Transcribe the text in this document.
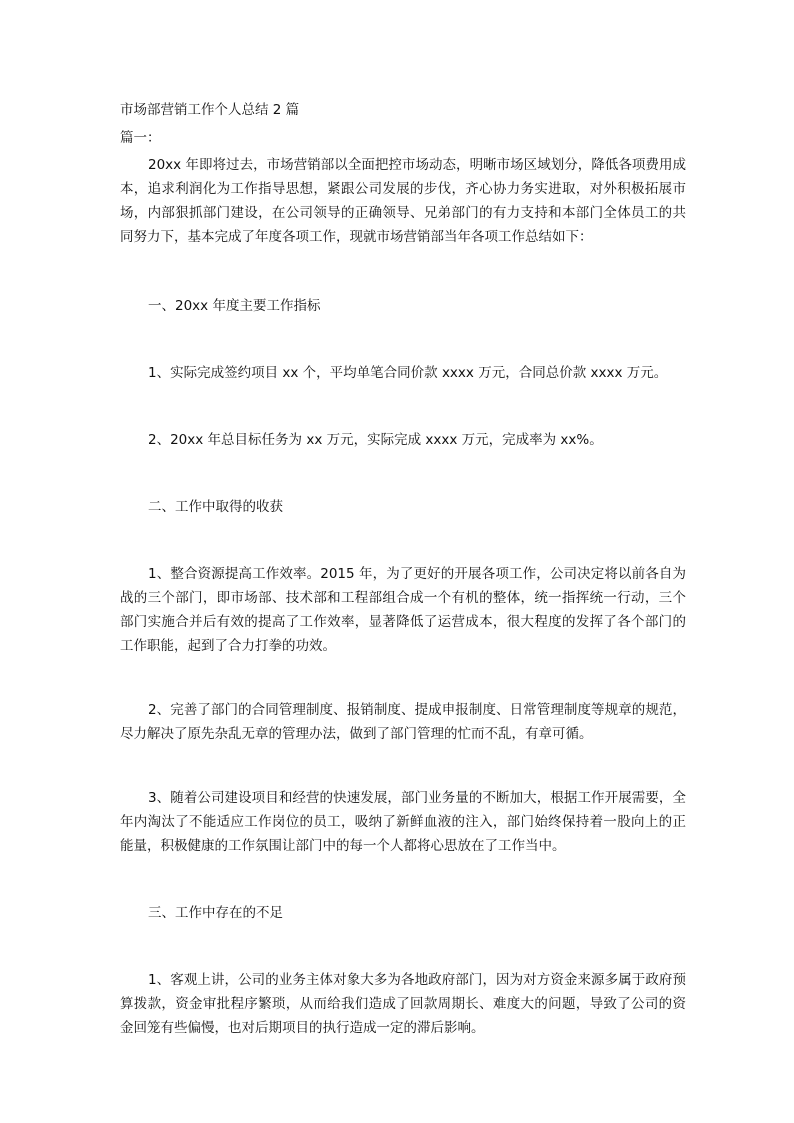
市场部营销工作个人总结 2 篇
篇一：

20xx 年即将过去，市场营销部以全面把控市场动态，明晰市场区域划分，降低各项费用成本，追求利润化为工作指导思想，紧跟公司发展的步伐，齐心协力务实进取，对外积极拓展市场，内部狠抓部门建设，在公司领导的正确领导、兄弟部门的有力支持和本部门全体员工的共同努力下，基本完成了年度各项工作，现就市场营销部当年各项工作总结如下：

一、20xx 年度主要工作指标

1、实际完成签约项目 xx 个，平均单笔合同价款 xxxx 万元，合同总价款 xxxx 万元。

2、20xx 年总目标任务为 xx 万元，实际完成 xxxx 万元，完成率为 xx%。

二、工作中取得的收获

1、整合资源提高工作效率。2015 年，为了更好的开展各项工作，公司决定将以前各自为战的三个部门，即市场部、技术部和工程部组合成一个有机的整体，统一指挥统一行动，三个部门实施合并后有效的提高了工作效率，显著降低了运营成本，很大程度的发挥了各个部门的工作职能，起到了合力打拳的功效。

2、完善了部门的合同管理制度、报销制度、提成申报制度、日常管理制度等规章的规范，尽力解决了原先杂乱无章的管理办法，做到了部门管理的忙而不乱，有章可循。

3、随着公司建设项目和经营的快速发展，部门业务量的不断加大，根据工作开展需要，全年内淘汰了不能适应工作岗位的员工，吸纳了新鲜血液的注入，部门始终保持着一股向上的正能量，积极健康的工作氛围让部门中的每一个人都将心思放在了工作当中。

三、工作中存在的不足

1、客观上讲，公司的业务主体对象大多为各地政府部门，因为对方资金来源多属于政府预算拨款，资金审批程序繁琐，从而给我们造成了回款周期长、难度大的问题，导致了公司的资金回笼有些偏慢，也对后期项目的执行造成一定的滞后影响。
